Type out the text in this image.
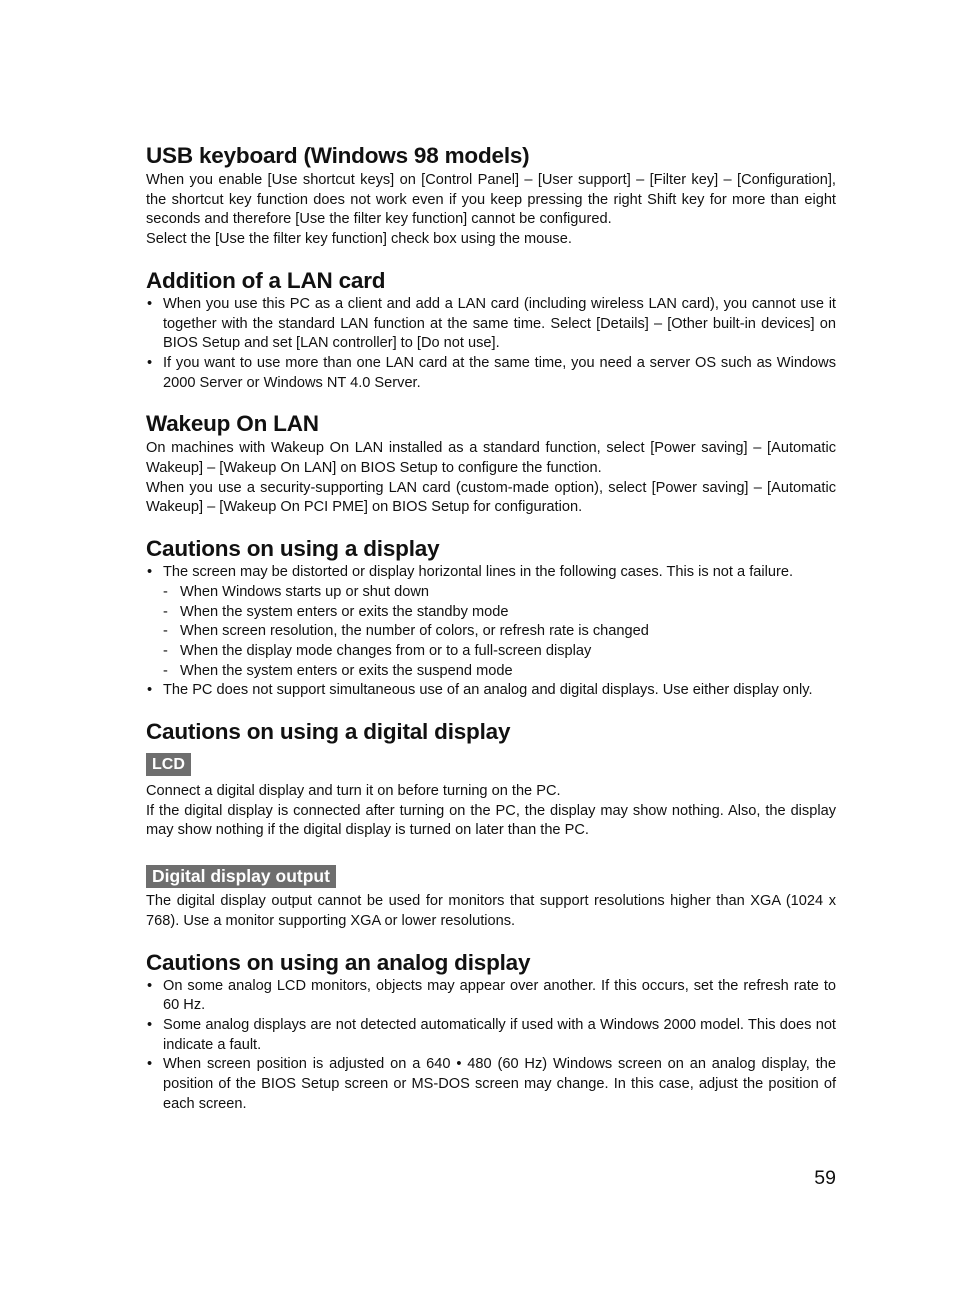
USB keyboard (Windows 98 models)

When you enable [Use shortcut keys] on [Control Panel] – [User support] – [Filter key] – [Configuration], the shortcut key function does not work even if you keep pressing the right Shift key for more than eight seconds and therefore [Use the filter key function] cannot be configured.

Select the [Use the filter key function] check box using the mouse.

Addition of a LAN card
• When you use this PC as a client and add a LAN card (including wireless LAN card), you cannot use it together with the standard LAN function at the same time. Select [Details] – [Other built-in devices] on BIOS Setup and set [LAN controller] to [Do not use].
• If you want to use more than one LAN card at the same time, you need a server OS such as Windows 2000 Server or Windows NT 4.0 Server.
Wakeup On LAN

On machines with Wakeup On LAN installed as a standard function, select [Power saving] – [Automatic Wakeup] – [Wakeup On LAN] on BIOS Setup to configure the function.

When you use a security-supporting LAN card (custom-made option), select [Power saving] – [Automatic Wakeup] – [Wakeup On PCI PME] on BIOS Setup for configuration.

Cautions on using a display
• The screen may be distorted or display horizontal lines in the following cases. This is not a failure.
- When Windows starts up or shut down
- When the system enters or exits the standby mode
- When screen resolution, the number of colors, or refresh rate is changed
- When the display mode changes from or to a full-screen display
- When the system enters or exits the suspend mode
• The PC does not support simultaneous use of an analog and digital displays. Use either display only.
Cautions on using a digital display
LCD

Connect a digital display and turn it on before turning on the PC.

If the digital display is connected after turning on the PC, the display may show nothing. Also, the display may show nothing if the digital display is turned on later than the PC.

Digital display output

The digital display output cannot be used for monitors that support resolutions higher than XGA (1024 x 768). Use a monitor supporting XGA or lower resolutions.

Cautions on using an analog display
• On some analog LCD monitors, objects may appear over another. If this occurs, set the refresh rate to 60 Hz.
• Some analog displays are not detected automatically if used with a Windows 2000 model. This does not indicate a fault.
• When screen position is adjusted on a 640 • 480 (60 Hz) Windows screen on an analog display, the position of the BIOS Setup screen or MS-DOS screen may change. In this case, adjust the position of each screen.
59
